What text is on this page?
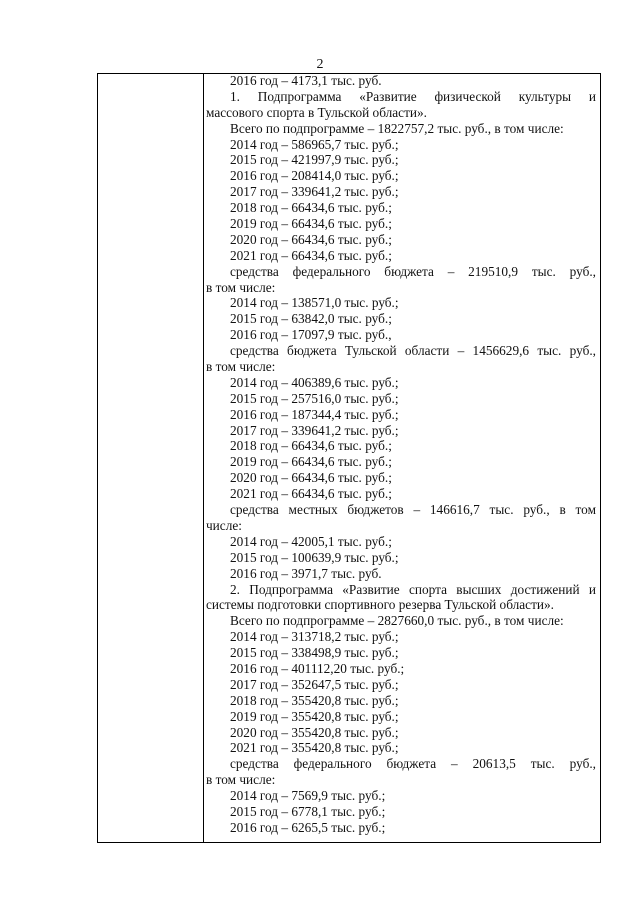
2
2016 год – 4173,1 тыс. руб.
1. Подпрограмма «Развитие физической культуры и
массового спорта в Тульской области».
Всего по подпрограмме – 1822757,2 тыс. руб., в том числе:
2014 год – 586965,7 тыс. руб.;
2015 год – 421997,9 тыс. руб.;
2016 год – 208414,0 тыс. руб.;
2017 год – 339641,2 тыс. руб.;
2018 год – 66434,6 тыс. руб.;
2019 год – 66434,6 тыс. руб.;
2020 год – 66434,6 тыс. руб.;
2021 год – 66434,6 тыс. руб.;
средства федерального бюджета – 219510,9 тыс. руб.,
в том числе:
2014 год – 138571,0 тыс. руб.;
2015 год – 63842,0 тыс. руб.;
2016 год – 17097,9 тыс. руб.,
средства бюджета Тульской области – 1456629,6 тыс. руб.,
в том числе:
2014 год – 406389,6 тыс. руб.;
2015 год – 257516,0 тыс. руб.;
2016 год – 187344,4 тыс. руб.;
2017 год – 339641,2 тыс. руб.;
2018 год – 66434,6 тыс. руб.;
2019 год – 66434,6 тыс. руб.;
2020 год – 66434,6 тыс. руб.;
2021 год – 66434,6 тыс. руб.;
средства местных бюджетов – 146616,7 тыс. руб., в том
числе:
2014 год – 42005,1 тыс. руб.;
2015 год – 100639,9 тыс. руб.;
2016 год – 3971,7 тыс. руб.
2. Подпрограмма «Развитие спорта высших достижений и
системы подготовки спортивного резерва Тульской области».
Всего по подпрограмме – 2827660,0 тыс. руб., в том числе:
2014 год – 313718,2 тыс. руб.;
2015 год – 338498,9 тыс. руб.;
2016 год – 401112,20 тыс. руб.;
2017 год – 352647,5 тыс. руб.;
2018 год – 355420,8 тыс. руб.;
2019 год – 355420,8 тыс. руб.;
2020 год – 355420,8 тыс. руб.;
2021 год – 355420,8 тыс. руб.;
средства федерального бюджета – 20613,5 тыс. руб.,
в том числе:
2014 год – 7569,9 тыс. руб.;
2015 год – 6778,1 тыс. руб.;
2016 год – 6265,5 тыс. руб.;
